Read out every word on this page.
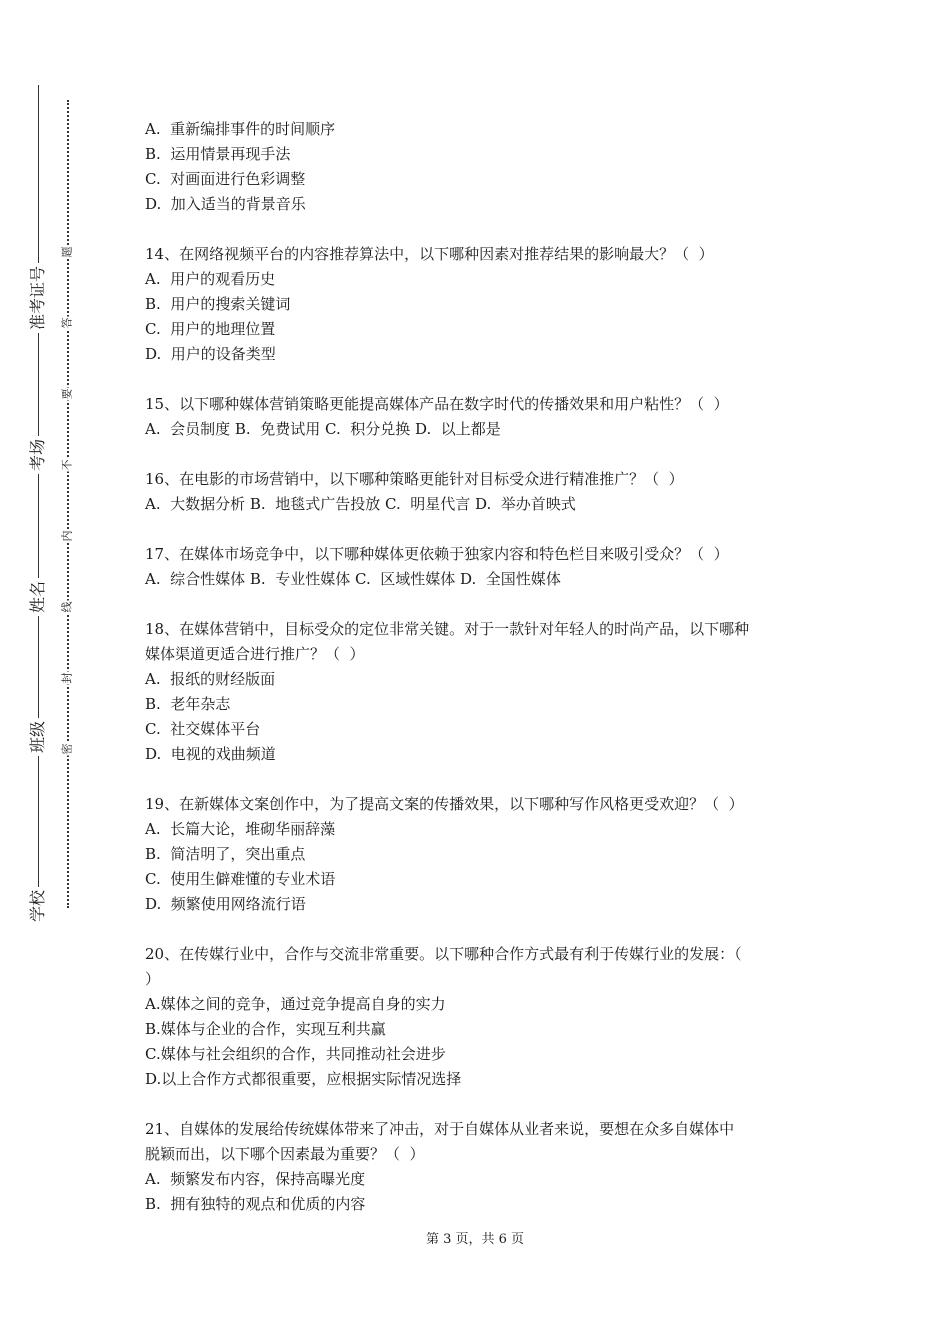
准考证号
考场
姓名
班级
学校
题
答
要
不
内
线
封
密
A.  重新编排事件的时间顺序
B.  运用情景再现手法
C.  对画面进行色彩调整
D.  加入适当的背景音乐
14、在网络视频平台的内容推荐算法中，以下哪种因素对推荐结果的影响最大？（  ）
A.  用户的观看历史
B.  用户的搜索关键词
C.  用户的地理位置
D.  用户的设备类型
15、以下哪种媒体营销策略更能提高媒体产品在数字时代的传播效果和用户粘性？（  ）
A.  会员制度 B.  免费试用 C.  积分兑换 D.  以上都是
16、在电影的市场营销中，以下哪种策略更能针对目标受众进行精准推广？（  ）
A.  大数据分析 B.  地毯式广告投放 C.  明星代言 D.  举办首映式
17、在媒体市场竞争中，以下哪种媒体更依赖于独家内容和特色栏目来吸引受众？（  ）
A.  综合性媒体 B.  专业性媒体 C.  区域性媒体 D.  全国性媒体
18、在媒体营销中，目标受众的定位非常关键。对于一款针对年轻人的时尚产品，以下哪种
媒体渠道更适合进行推广？（  ）
A.  报纸的财经版面
B.  老年杂志
C.  社交媒体平台
D.  电视的戏曲频道
19、在新媒体文案创作中，为了提高文案的传播效果，以下哪种写作风格更受欢迎？（  ）
A.  长篇大论，堆砌华丽辞藻
B.  简洁明了，突出重点
C.  使用生僻难懂的专业术语
D.  频繁使用网络流行语
20、在传媒行业中，合作与交流非常重要。以下哪种合作方式最有利于传媒行业的发展：（
）
A.媒体之间的竞争，通过竞争提高自身的实力
B.媒体与企业的合作，实现互利共赢
C.媒体与社会组织的合作，共同推动社会进步
D.以上合作方式都很重要，应根据实际情况选择
21、自媒体的发展给传统媒体带来了冲击，对于自媒体从业者来说，要想在众多自媒体中
脱颖而出，以下哪个因素最为重要？（  ）
A.  频繁发布内容，保持高曝光度
B.  拥有独特的观点和优质的内容
第 3 页，共 6 页
